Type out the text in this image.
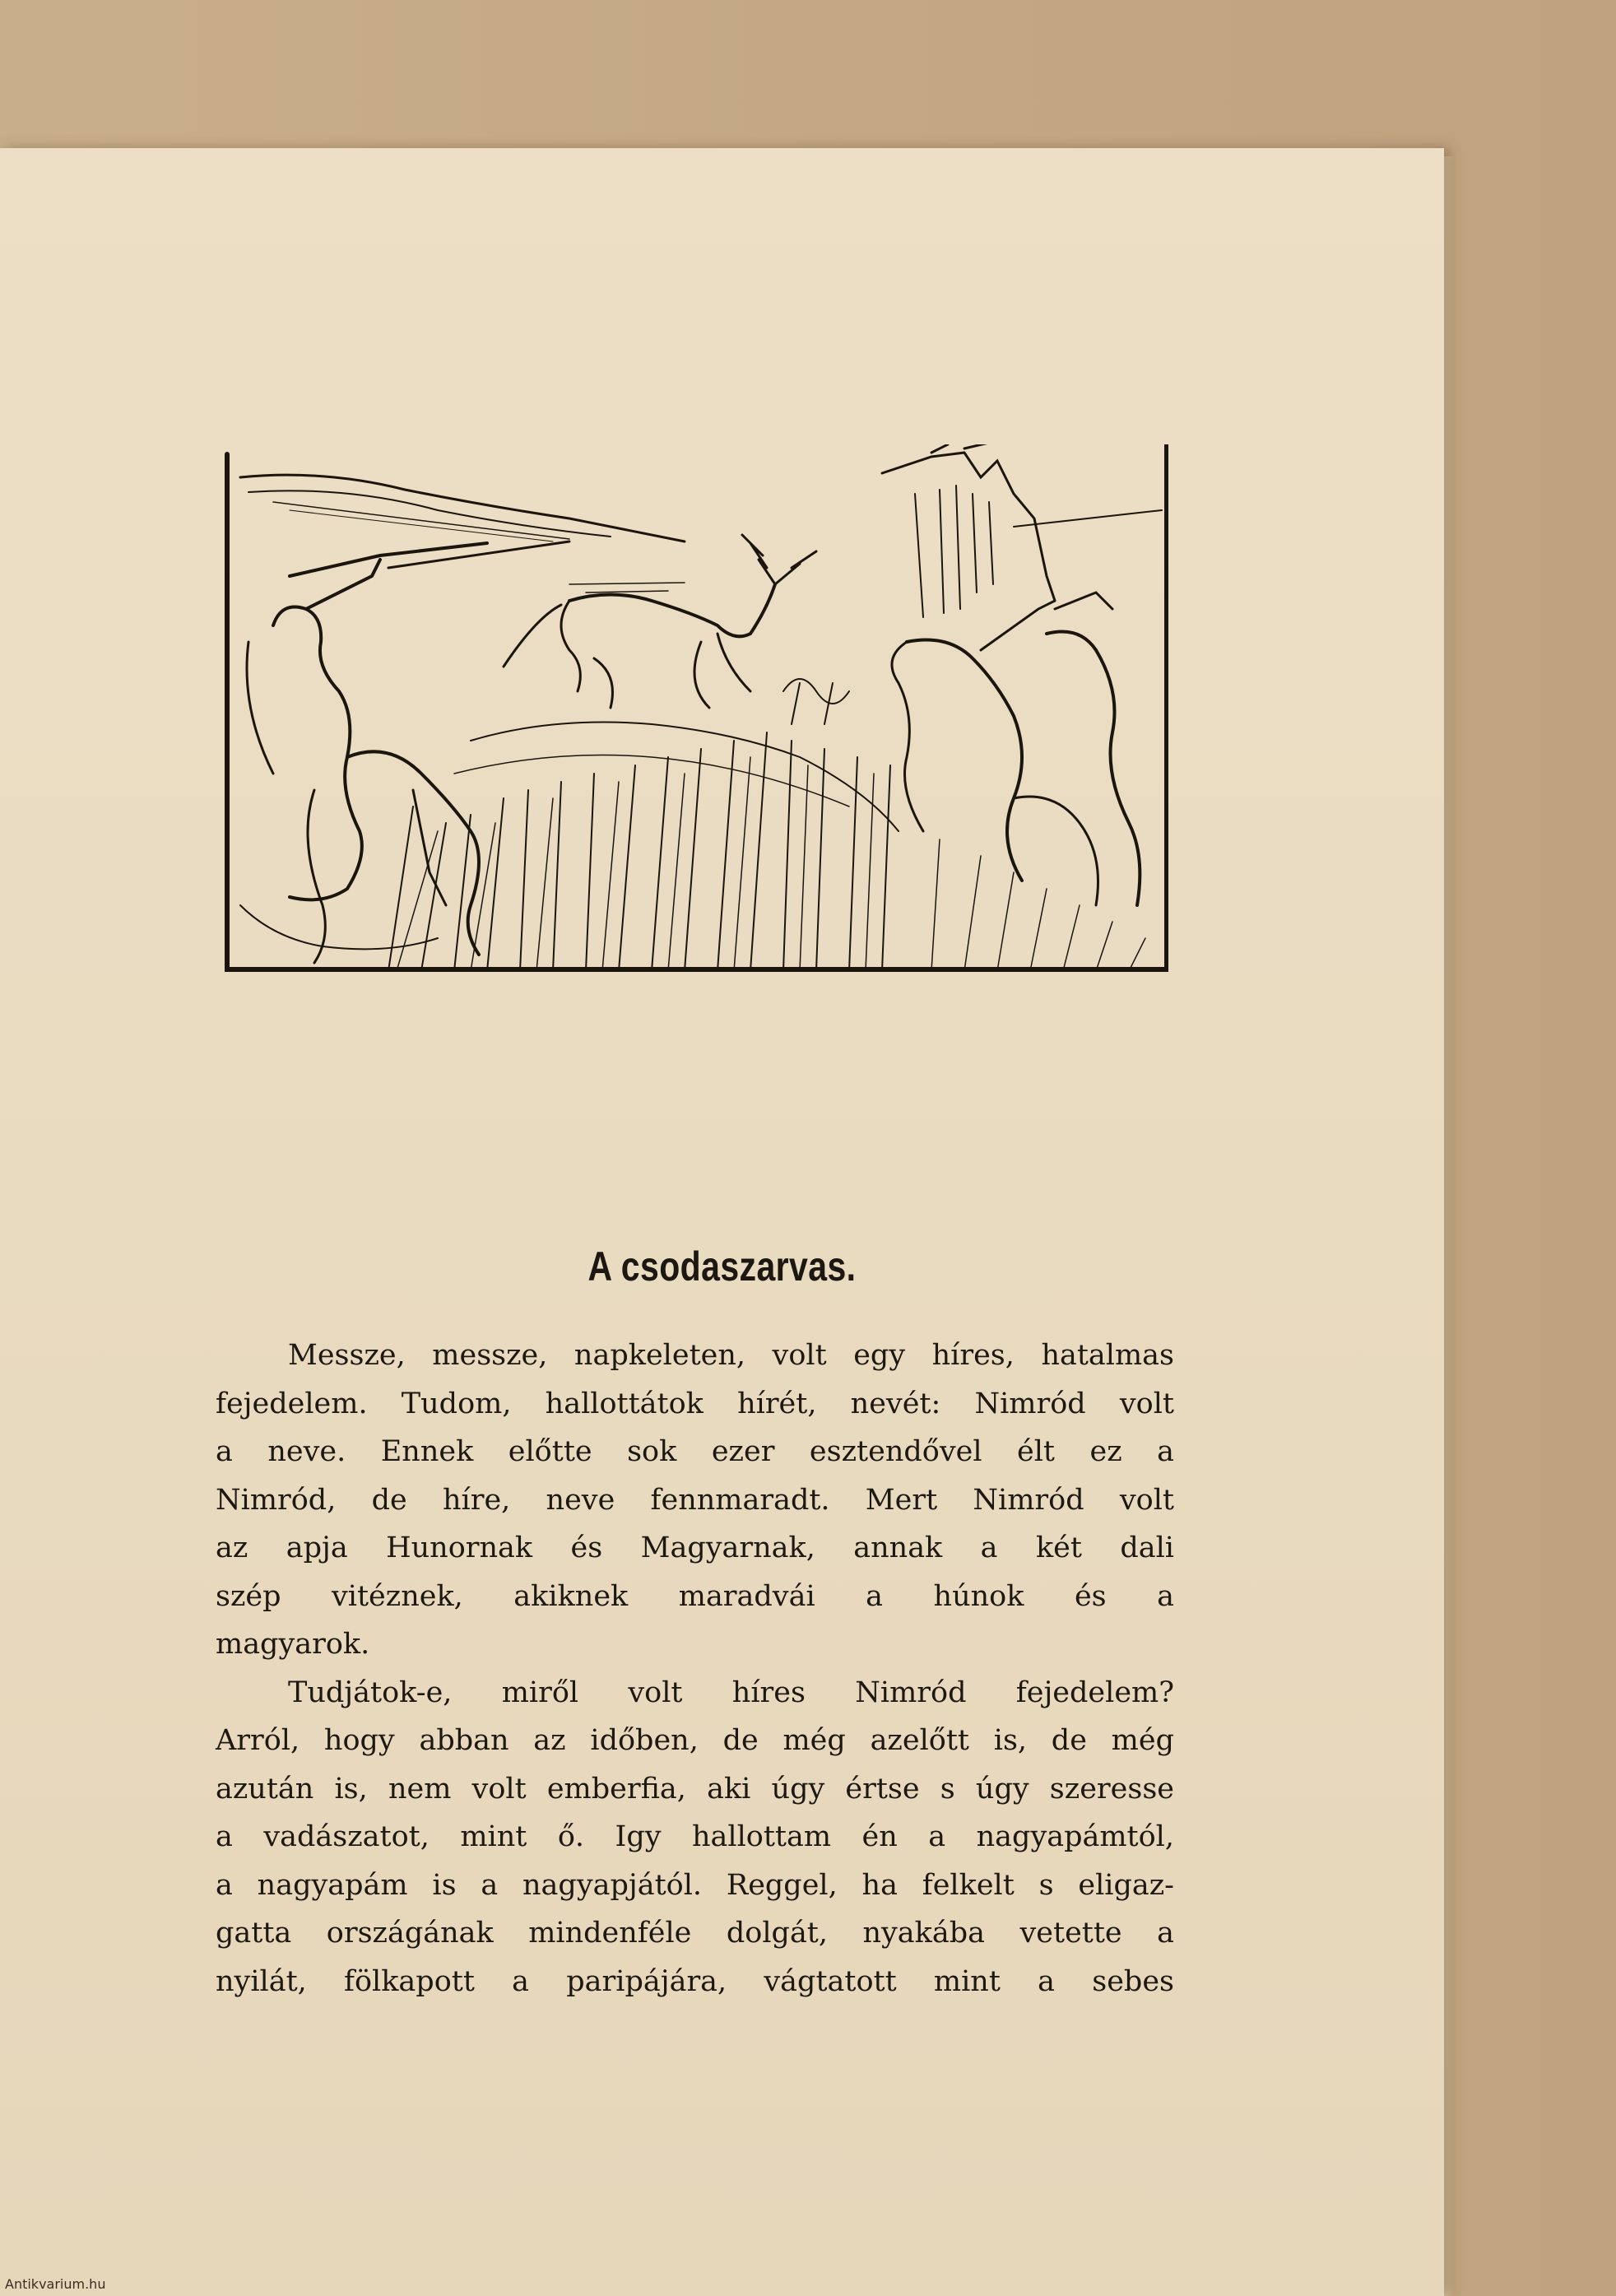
A csodaszarvas.
Messze, messze, napkeleten, volt egy híres, hatalmas
fejedelem. Tudom, hallottátok hírét, nevét: Nimród volt
a neve. Ennek előtte sok ezer esztendővel élt ez a
Nimród, de híre, neve fennmaradt. Mert Nimród volt
az apja Hunornak és Magyarnak, annak a két dali
szép vitéznek, akiknek maradvái a húnok és a
magyarok.
Tudjátok-e, miről volt híres Nimród fejedelem?
Arról, hogy abban az időben, de még azelőtt is, de még
azután is, nem volt emberfia, aki úgy értse s úgy szeresse
a vadászatot, mint ő. Igy hallottam én a nagyapámtól,
a nagyapám is a nagyapjától. Reggel, ha felkelt s eligaz-
gatta országának mindenféle dolgát, nyakába vetette a
nyilát, fölkapott a paripájára, vágtatott mint a sebes
Antikvarium.hu
